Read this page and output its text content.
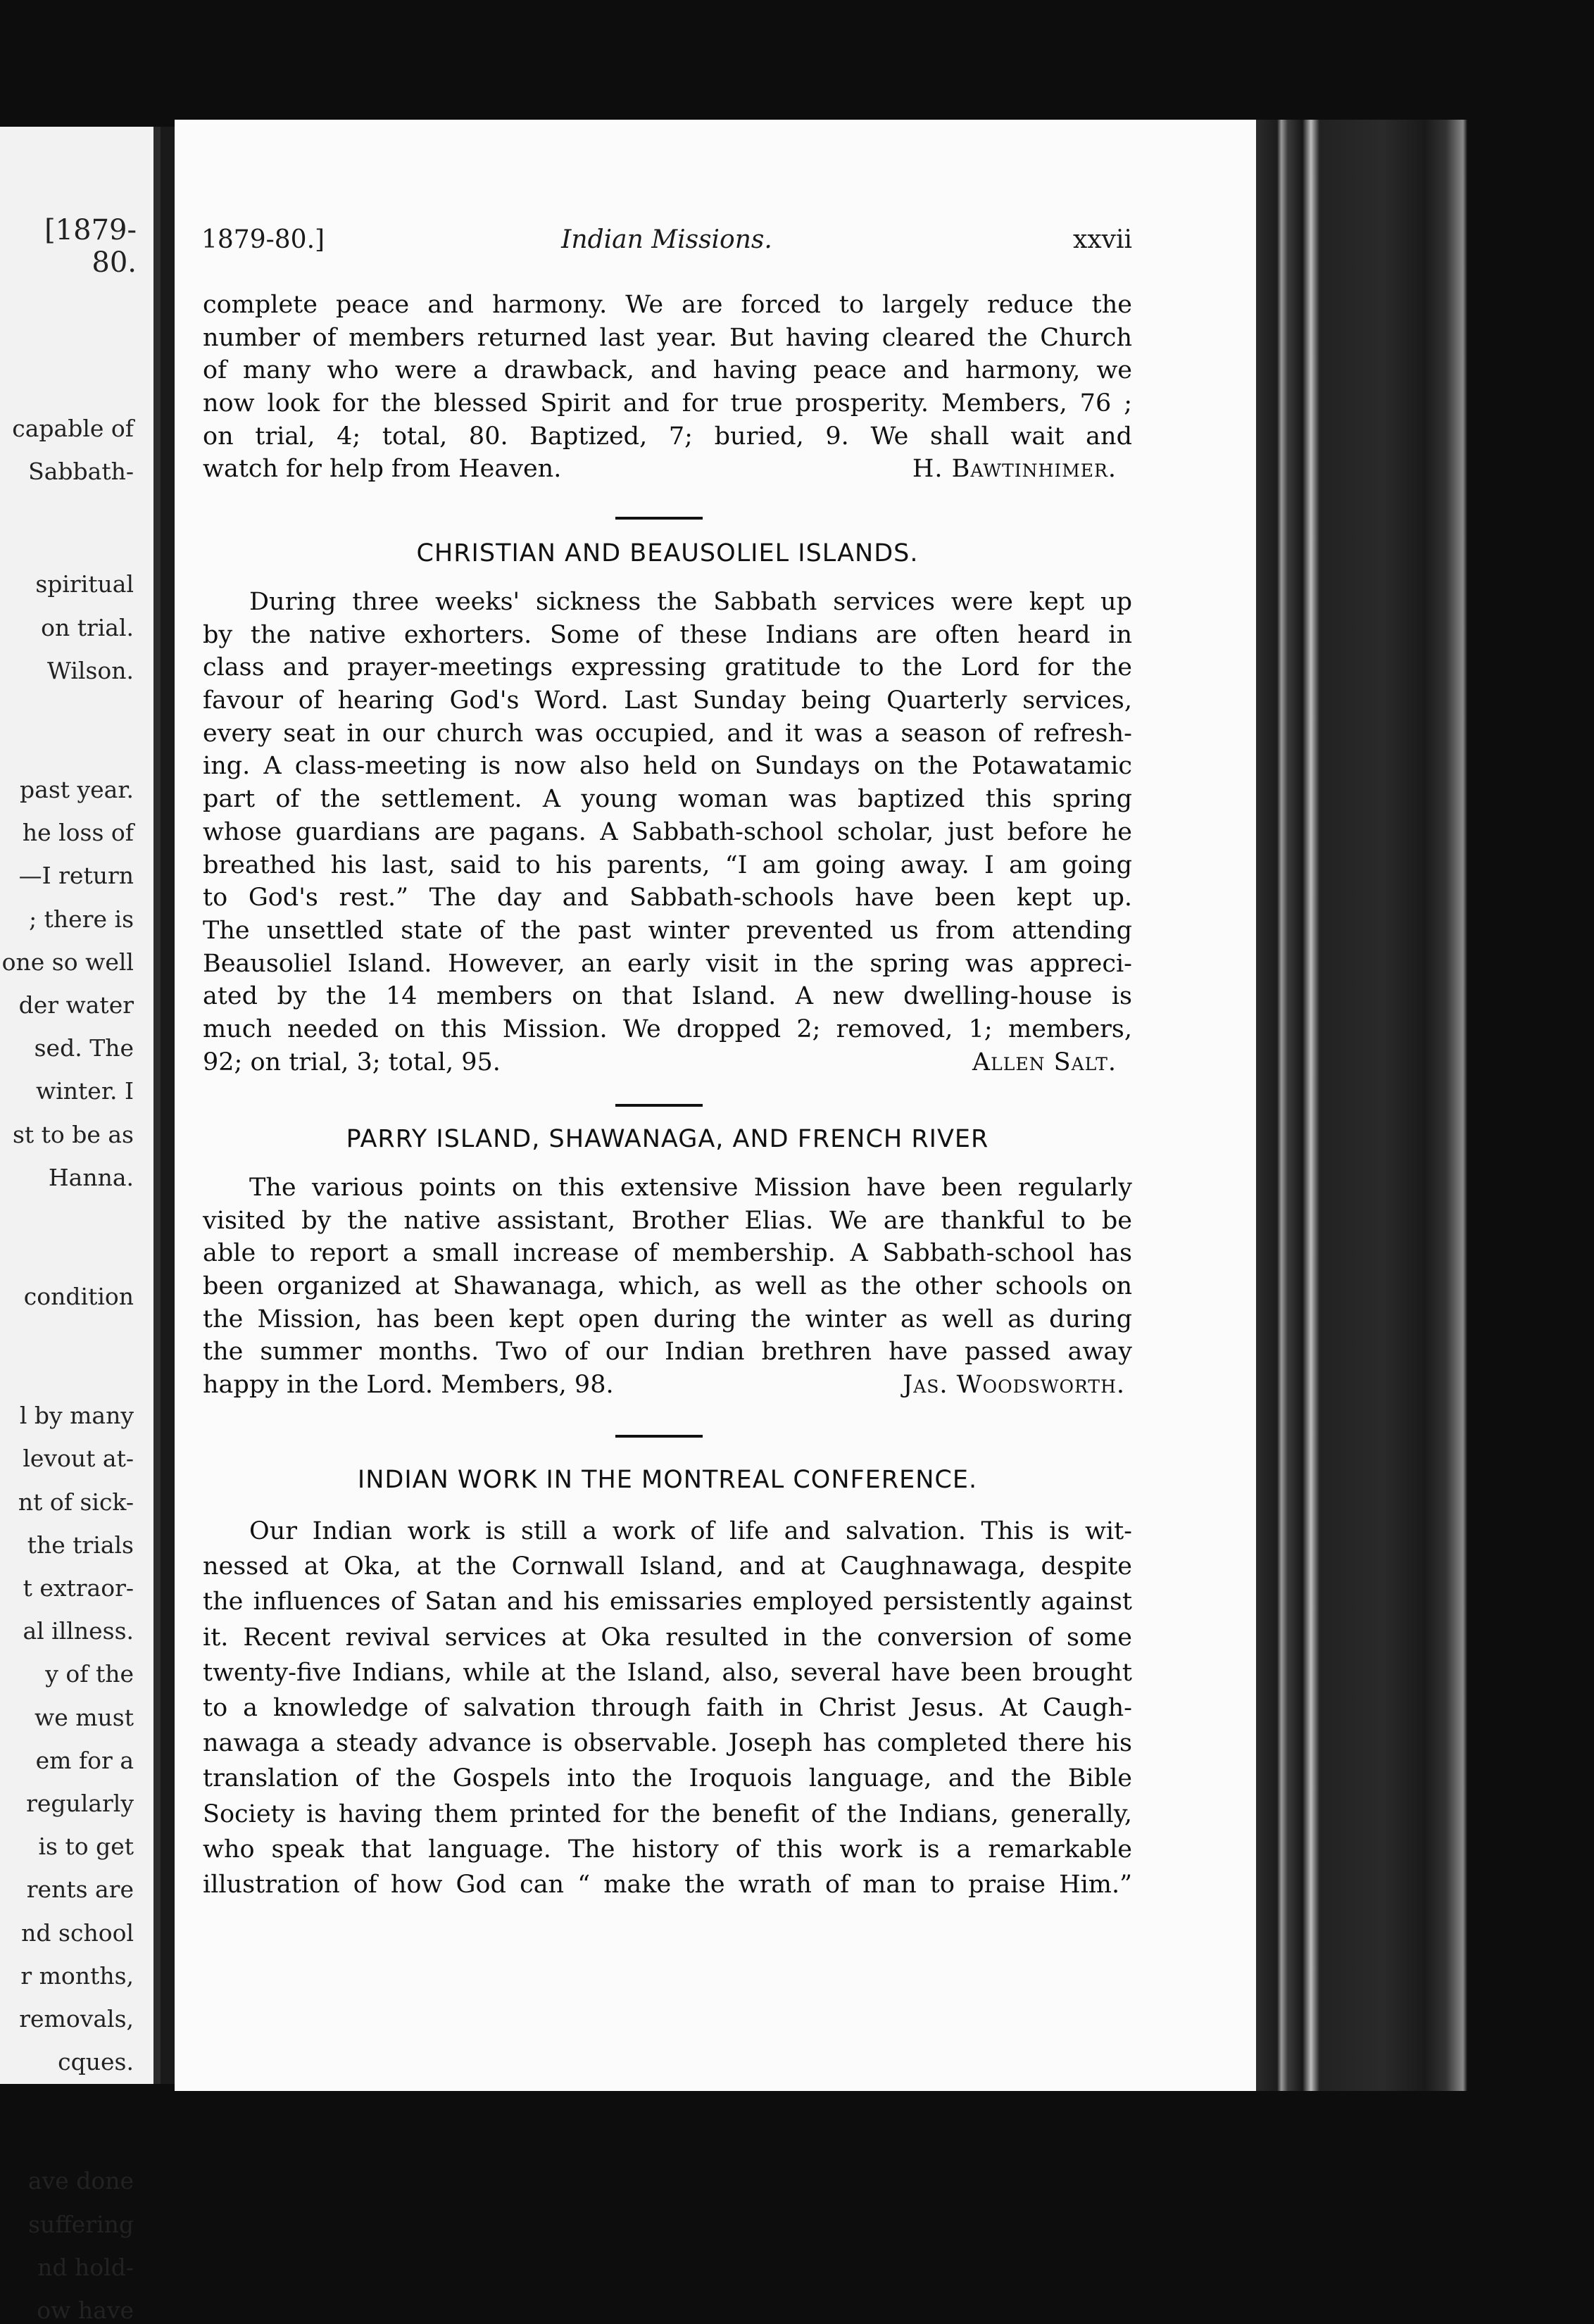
[1879-80.
capable of
Sabbath-
spiritual
on trial.
Wilson.
past year.
he loss of
—I return
; there is
one so well
der water
sed. The
winter. I
st to be as
Hanna.
condition
l by many
levout at-
nt of sick-
the trials
t extraor-
al illness.
y of the
we must
em for a
regularly
is to get
rents are
nd school
r months,
removals,
cques.
ave done
suffering
nd hold-
ow have
1879-80.]	Indian Missions.	xxvii
complete peace and harmony. We are forced to largely reduce the
number of members returned last year. But having cleared the Church
of many who were a drawback, and having peace and harmony, we
now look for the blessed Spirit and for true prosperity. Members, 76 ;
on trial, 4; total, 80. Baptized, 7; buried, 9. We shall wait and
watch for help from Heaven.	H. Bawtinhimer.
CHRISTIAN AND BEAUSOLIEL ISLANDS.
During three weeks' sickness the Sabbath services were kept up
by the native exhorters. Some of these Indians are often heard in
class and prayer-meetings expressing gratitude to the Lord for the
favour of hearing God's Word. Last Sunday being Quarterly services,
every seat in our church was occupied, and it was a season of refresh-
ing. A class-meeting is now also held on Sundays on the Potawatamic
part of the settlement. A young woman was baptized this spring
whose guardians are pagans. A Sabbath-school scholar, just before he
breathed his last, said to his parents, “I am going away. I am going
to God's rest.” The day and Sabbath-schools have been kept up.
The unsettled state of the past winter prevented us from attending
Beausoliel Island. However, an early visit in the spring was appreci-
ated by the 14 members on that Island. A new dwelling-house is
much needed on this Mission. We dropped 2; removed, 1; members,
92; on trial, 3; total, 95.	Allen Salt.
PARRY ISLAND, SHAWANAGA, AND FRENCH RIVER
The various points on this extensive Mission have been regularly
visited by the native assistant, Brother Elias. We are thankful to be
able to report a small increase of membership. A Sabbath-school has
been organized at Shawanaga, which, as well as the other schools on
the Mission, has been kept open during the winter as well as during
the summer months. Two of our Indian brethren have passed away
happy in the Lord. Members, 98.	Jas. Woodsworth.
INDIAN WORK IN THE MONTREAL CONFERENCE.
Our Indian work is still a work of life and salvation. This is wit-
nessed at Oka, at the Cornwall Island, and at Caughnawaga, despite
the influences of Satan and his emissaries employed persistently against
it. Recent revival services at Oka resulted in the conversion of some
twenty-five Indians, while at the Island, also, several have been brought
to a knowledge of salvation through faith in Christ Jesus. At Caugh-
nawaga a steady advance is observable. Joseph has completed there his
translation of the Gospels into the Iroquois language, and the Bible
Society is having them printed for the benefit of the Indians, generally,
who speak that language. The history of this work is a remarkable
illustration of how God can “ make the wrath of man to praise Him.”
